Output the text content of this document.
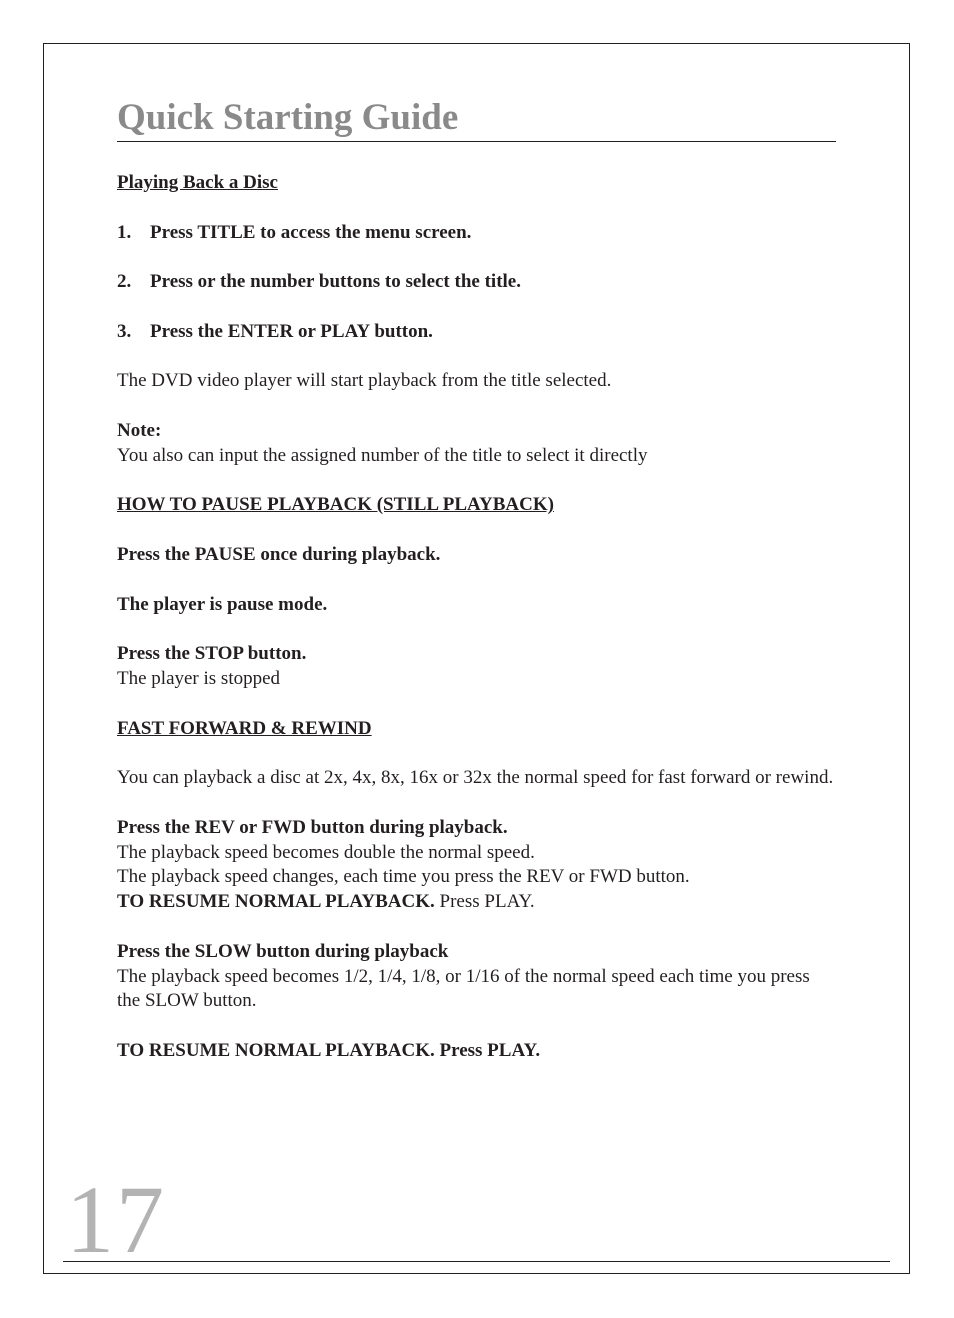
Quick Starting Guide

Playing Back a Disc

1. Press TITLE to access the menu screen.

2. Press or the number buttons to select the title.

3. Press the ENTER or PLAY button.

The DVD video player will start playback from the title selected.

Note:

You also can input the assigned number of the title to select it directly

HOW TO PAUSE PLAYBACK (STILL PLAYBACK)

Press the PAUSE once during playback.

The player is pause mode.

Press the STOP button.

The player is stopped

FAST FORWARD & REWIND

You can playback a disc at 2x, 4x, 8x, 16x or 32x the normal speed for fast forward or rewind.

Press the REV or FWD button during playback.

The playback speed becomes double the normal speed.

The playback speed changes, each time you press the REV or FWD button.

TO RESUME NORMAL PLAYBACK. Press PLAY.

Press the SLOW button during playback

The playback speed becomes 1/2, 1/4, 1/8, or 1/16 of the normal speed each time you press the SLOW button.

TO RESUME NORMAL PLAYBACK. Press PLAY.

17
